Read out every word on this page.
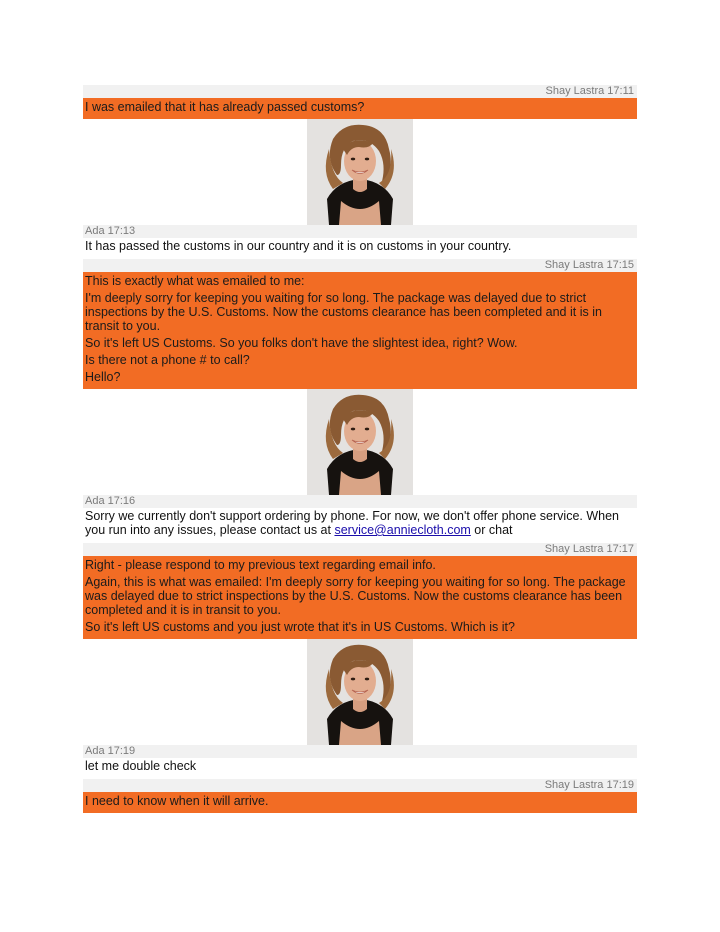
Shay Lastra 17:11

I was emailed that it has already passed customs?

Ada 17:13

It has passed the customs in our country and it is on customs in your country.

Shay Lastra 17:15

This is exactly what was emailed to me:

I'm deeply sorry for keeping you waiting for so long. The package was delayed due to strict inspections by the U.S. Customs. Now the customs clearance has been completed and it is in transit to you.

So it's left US Customs. So you folks don't have the slightest idea, right? Wow.

Is there not a phone # to call?

Hello?

Ada 17:16

Sorry we currently don't support ordering by phone. For now, we don't offer phone service. When you run into any issues, please contact us at service@anniecloth.com or chat

Shay Lastra 17:17

Right - please respond to my previous text regarding email info.

Again, this is what was emailed: I'm deeply sorry for keeping you waiting for so long. The package was delayed due to strict inspections by the U.S. Customs. Now the customs clearance has been completed and it is in transit to you.

So it's left US customs and you just wrote that it's in US Customs. Which is it?

Ada 17:19

let me double check

Shay Lastra 17:19

I need to know when it will arrive.
